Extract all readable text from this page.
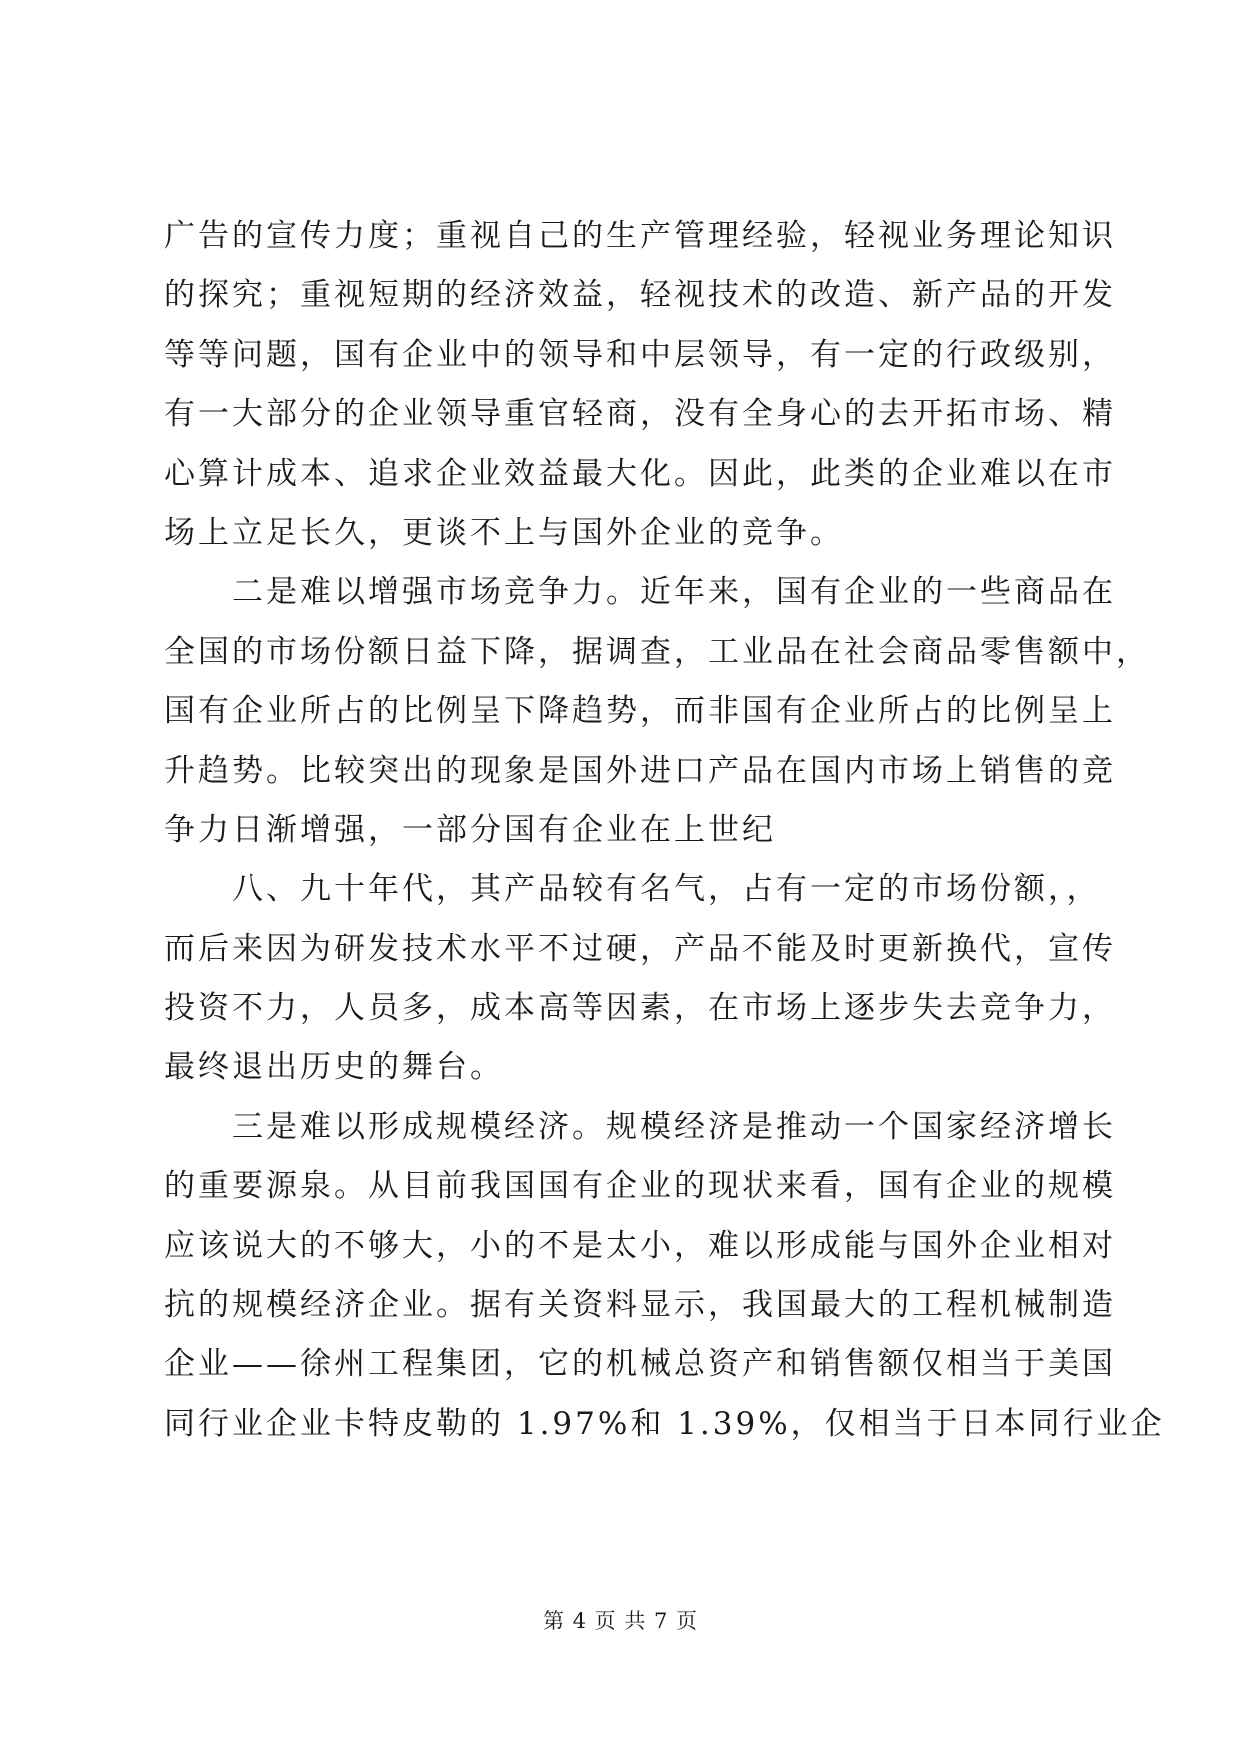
广告的宣传力度；重视自己的生产管理经验，轻视业务理论知识
的探究；重视短期的经济效益，轻视技术的改造、新产品的开发
等等问题，国有企业中的领导和中层领导，有一定的行政级别，
有一大部分的企业领导重官轻商，没有全身心的去开拓市场、精
心算计成本、追求企业效益最大化。因此，此类的企业难以在市
场上立足长久，更谈不上与国外企业的竞争。
二是难以增强市场竞争力。近年来，国有企业的一些商品在
全国的市场份额日益下降，据调查，工业品在社会商品零售额中，
国有企业所占的比例呈下降趋势，而非国有企业所占的比例呈上
升趋势。比较突出的现象是国外进口产品在国内市场上销售的竞
争力日渐增强，一部分国有企业在上世纪
八、九十年代，其产品较有名气，占有一定的市场份额，，
而后来因为研发技术水平不过硬，产品不能及时更新换代，宣传
投资不力，人员多，成本高等因素，在市场上逐步失去竞争力，
最终退出历史的舞台。
三是难以形成规模经济。规模经济是推动一个国家经济增长
的重要源泉。从目前我国国有企业的现状来看，国有企业的规模
应该说大的不够大，小的不是太小，难以形成能与国外企业相对
抗的规模经济企业。据有关资料显示，我国最大的工程机械制造
企业——徐州工程集团，它的机械总资产和销售额仅相当于美国
同行业企业卡特皮勒的 1.97%和 1.39%，仅相当于日本同行业企
第 4 页 共 7 页
